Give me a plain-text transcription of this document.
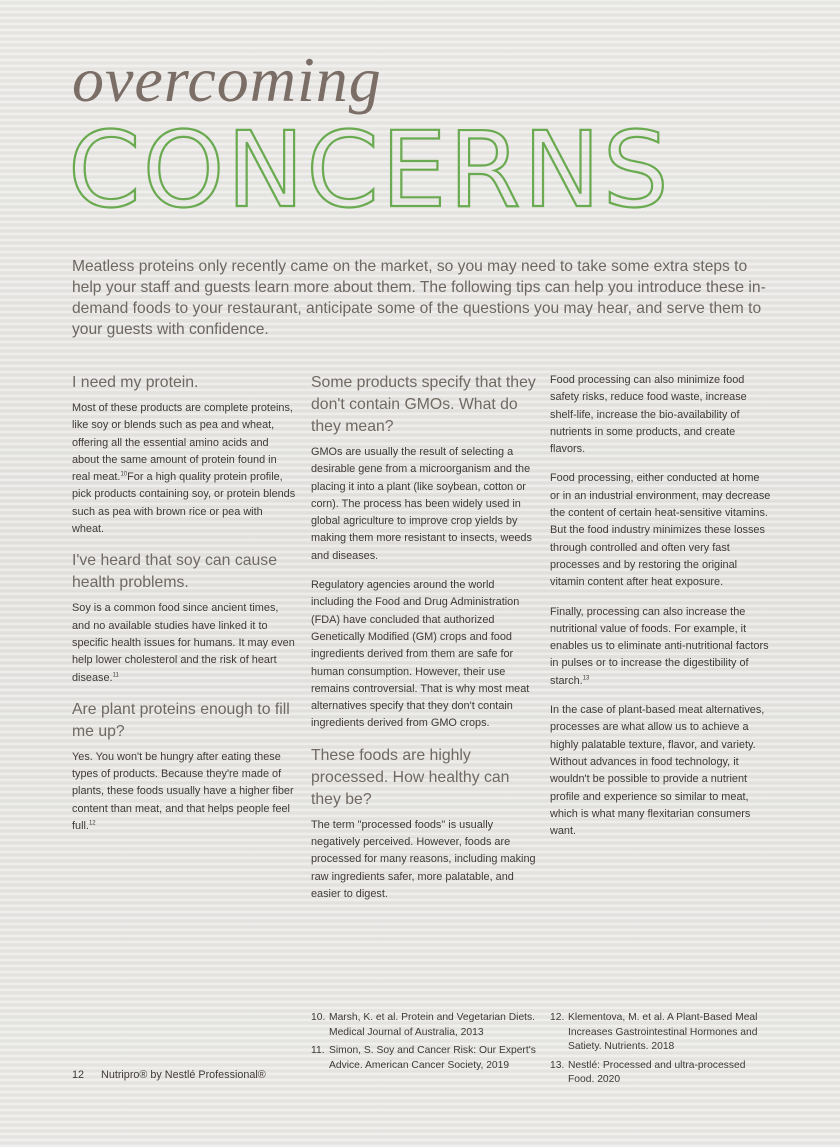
overcoming
CONCERNS

Meatless proteins only recently came on the market, so you may need to take some extra steps to help your staff and guests learn more about them. The following tips can help you introduce these in-demand foods to your restaurant, anticipate some of the questions you may hear, and serve them to your guests with confidence.

I need my protein.

Most of these products are complete proteins, like soy or blends such as pea and wheat, offering all the essential amino acids and about the same amount of protein found in real meat.$^{10}$For a high quality protein profile, pick products containing soy, or protein blends such as pea with brown rice or pea with wheat.

I've heard that soy can cause health problems.

Soy is a common food since ancient times, and no available studies have linked it to specific health issues for humans. It may even help lower cholesterol and the risk of heart disease.$^{11}$

Are plant proteins enough to fill me up?

Yes. You won't be hungry after eating these types of products. Because they're made of plants, these foods usually have a higher fiber content than meat, and that helps people feel full.$^{12}$

Some products specify that they don't contain GMOs. What do they mean?

GMOs are usually the result of selecting a desirable gene from a microorganism and the placing it into a plant (like soybean, cotton or corn). The process has been widely used in global agriculture to improve crop yields by making them more resistant to insects, weeds and diseases.

Regulatory agencies around the world including the Food and Drug Administration (FDA) have concluded that authorized Genetically Modified (GM) crops and food ingredients derived from them are safe for human consumption. However, their use remains controversial. That is why most meat alternatives specify that they don't contain ingredients derived from GMO crops.

These foods are highly processed. How healthy can they be?

The term "processed foods" is usually negatively perceived. However, foods are processed for many reasons, including making raw ingredients safer, more palatable, and easier to digest.

Food processing can also minimize food safety risks, reduce food waste, increase shelf-life, increase the bio-availability of nutrients in some products, and create flavors.

Food processing, either conducted at home or in an industrial environment, may decrease the content of certain heat-sensitive vitamins. But the food industry minimizes these losses through controlled and often very fast processes and by restoring the original vitamin content after heat exposure.

Finally, processing can also increase the nutritional value of foods. For example, it enables us to eliminate anti-nutritional factors in pulses or to increase the digestibility of starch.$^{13}$

In the case of plant-based meat alternatives, processes are what allow us to achieve a highly palatable texture, flavor, and variety. Without advances in food technology, it wouldn't be possible to provide a nutrient profile and experience so similar to meat, which is what many flexitarian consumers want.

10. Marsh, K. et al. Protein and Vegetarian Diets. Medical Journal of Australia, 2013
11. Simon, S. Soy and Cancer Risk: Our Expert's Advice. American Cancer Society, 2019
12. Klementova, M. et al. A Plant-Based Meal Increases Gastrointestinal Hormones and Satiety. Nutrients. 2018
13. Nestlé: Processed and ultra-processed Food. 2020
12 Nutripro® by Nestlé Professional®
